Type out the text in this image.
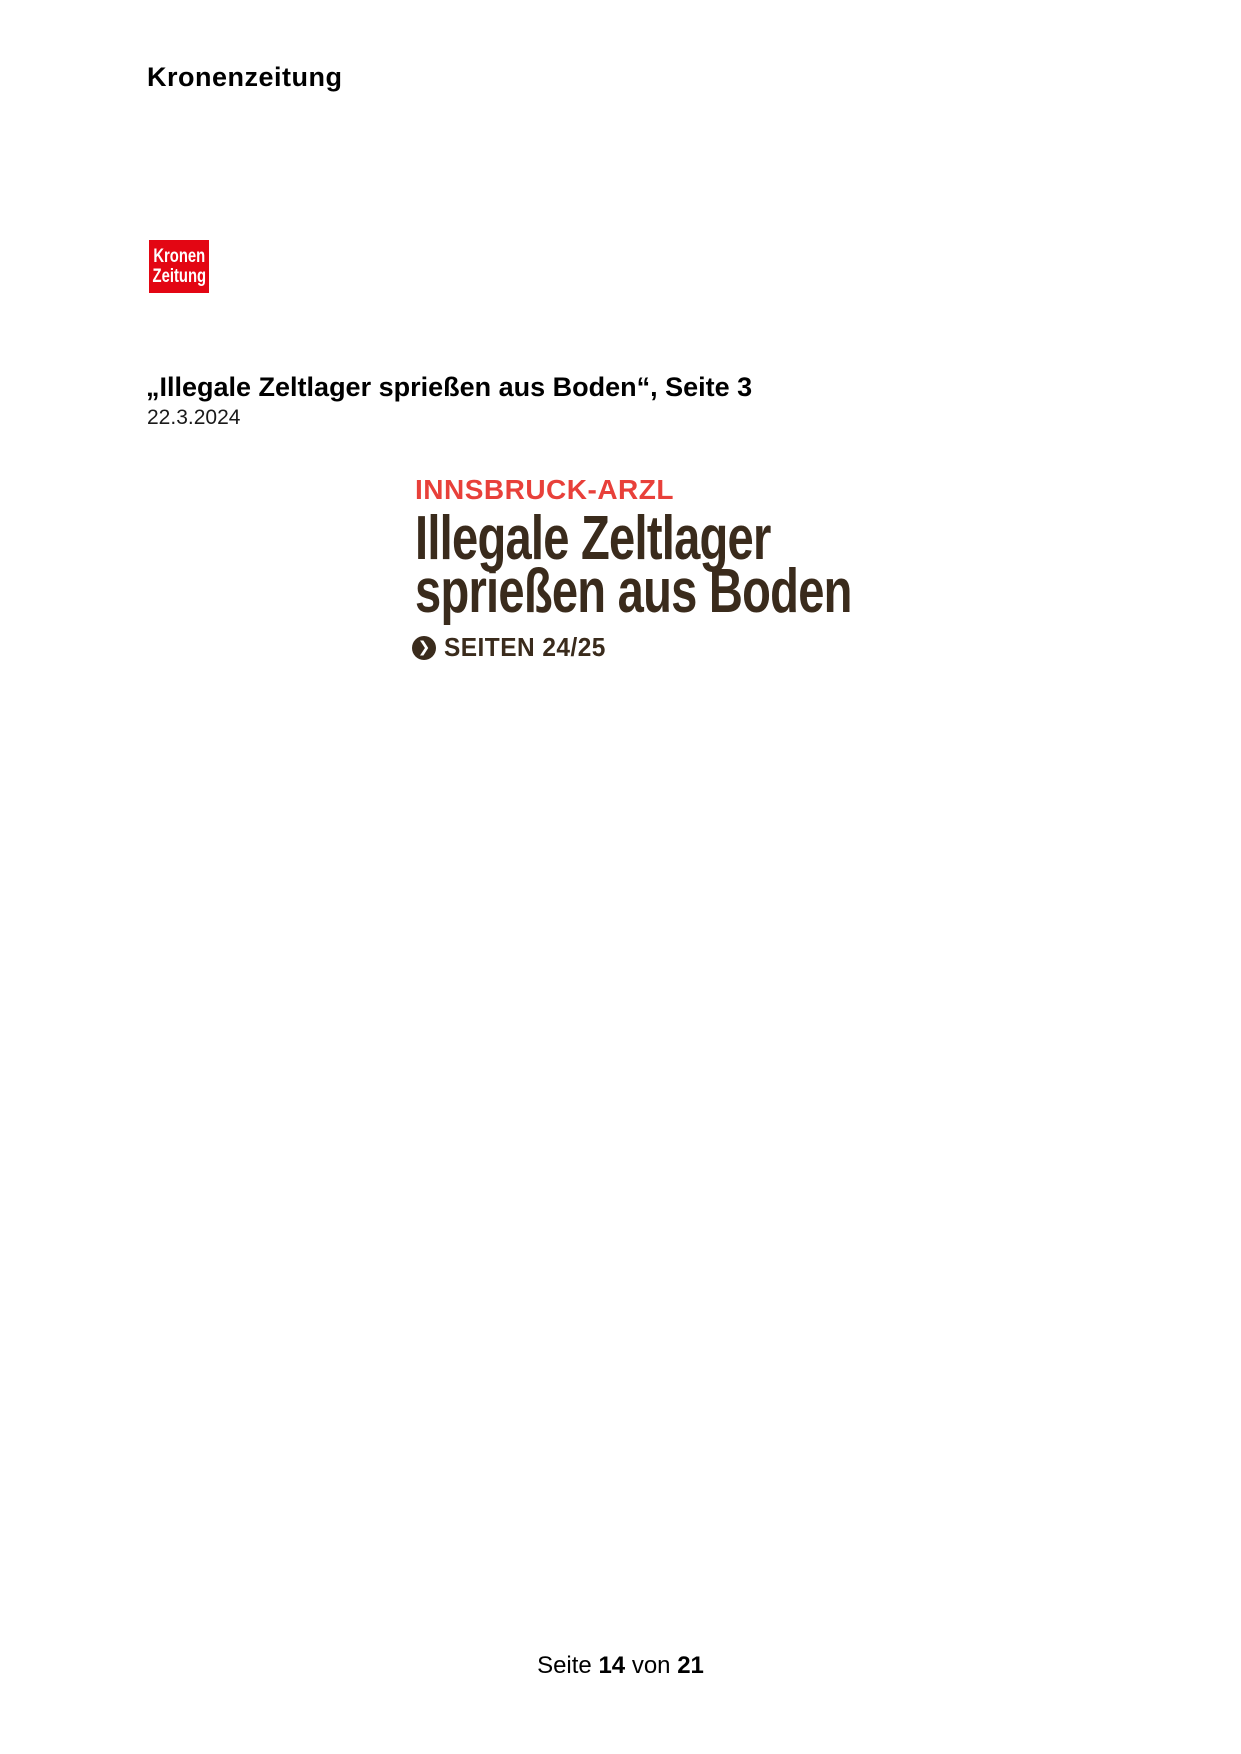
Kronenzeitung
Kronen
Zeitung
„Illegale Zeltlager sprießen aus Boden“, Seite 3
22.3.2024
INNSBRUCK-ARZL
Illegale Zeltlager
sprießen aus Boden
❯ SEITEN 24/25
Seite 14 von 21
